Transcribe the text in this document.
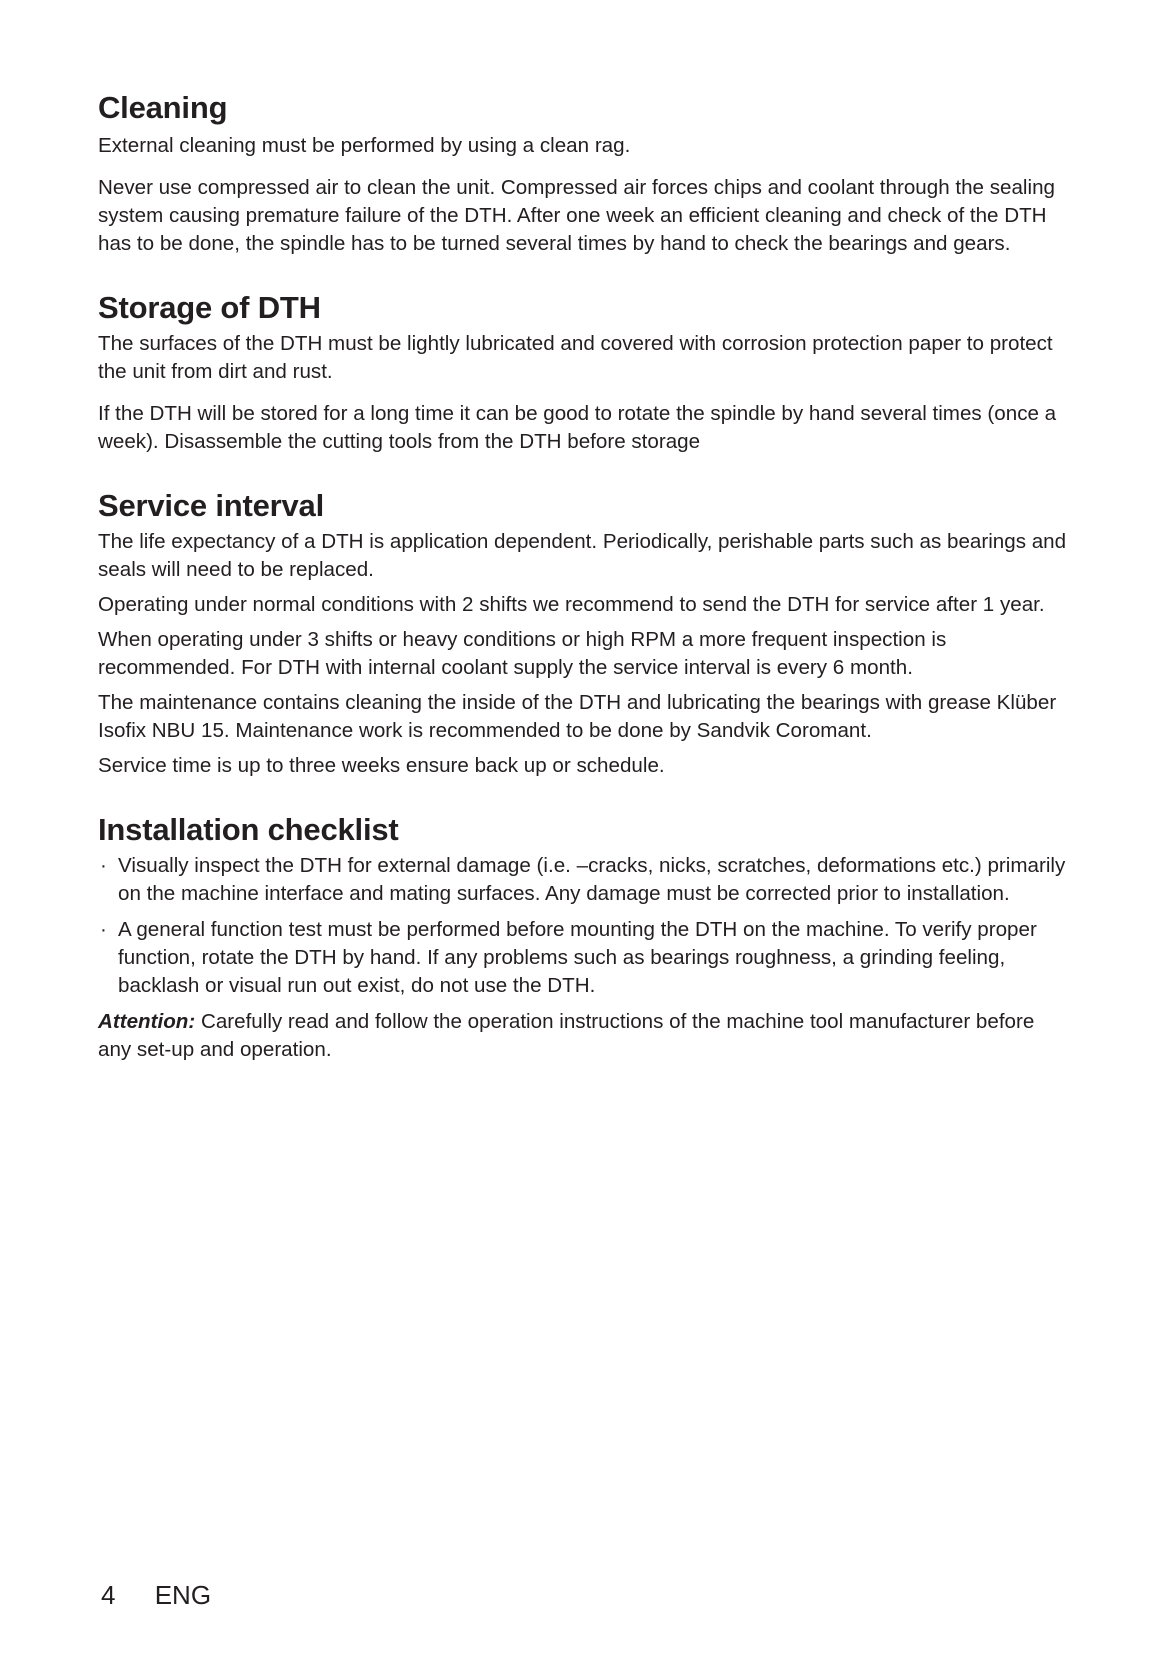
Cleaning

External cleaning must be performed by using a clean rag.

Never use compressed air to clean the unit. Compressed air forces chips and coolant through the sealing system causing premature failure of the DTH. After one week an efficient cleaning and check of the DTH has to be done, the spindle has to be turned several times by hand to check the bearings and gears.

Storage of DTH

The surfaces of the DTH must be lightly lubricated and covered with corrosion protection paper to protect the unit from dirt and rust.

If the DTH will be stored for a long time it can be good to rotate the spindle by hand several times (once a week). Disassemble the cutting tools from the DTH before storage

Service interval

The life expectancy of a DTH is application dependent. Periodically, perishable parts such as bearings and seals will need to be replaced.

Operating under normal conditions with 2 shifts we recommend to send the DTH for service after 1 year.

When operating under 3 shifts or heavy conditions or high RPM a more frequent inspection is recommended. For DTH with internal coolant supply the service interval is every 6 month.

The maintenance contains cleaning the inside of the DTH and lubricating the bearings with grease Klüber Isofix NBU 15. Maintenance work is recommended to be done by Sandvik Coromant.

Service time is up to three weeks ensure back up or schedule.

Installation checklist
· Visually inspect the DTH for external damage (i.e. –cracks, nicks, scratches, deformations etc.) primarily on the machine interface and mating surfaces. Any damage must be corrected prior to installation.
· A general function test must be performed before mounting the DTH on the machine. To verify proper function, rotate the DTH by hand. If any problems such as bearings roughness, a grinding feeling, backlash or visual run out exist, do not use the DTH.

Attention: Carefully read and follow the operation instructions of the machine tool manufacturer before any set-up and operation.

4 ENG
